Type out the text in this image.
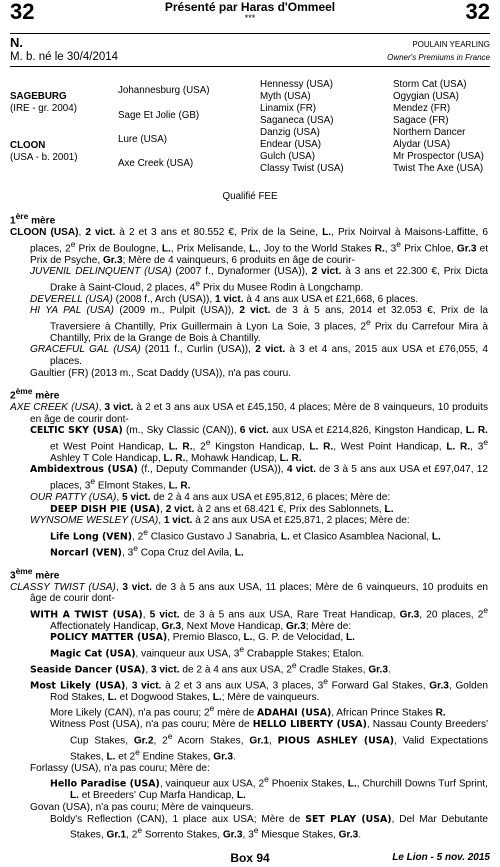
32	32
Présenté par Haras d'Ommeel
***
N.
M. b. né le 30/4/2014
POULAIN YEARLING
Owner's Premiums in France
SAGEBURG
(IRE - gr. 2004)
CLOON
(USA - b. 2001)
Johannesburg (USA)
Sage Et Jolie (GB)
Lure (USA)
Axe Creek (USA)
Hennessy (USA)
Myth (USA)
Linamix (FR)
Saganeca (USA)
Danzig (USA)
Endear (USA)
Gulch (USA)
Classy Twist (USA)
Storm Cat (USA)
Ogygian (USA)
Mendez (FR)
Sagace (FR)
Northern Dancer
Alydar (USA)
Mr Prospector (USA)
Twist The Axe (USA)
Qualifié FEE
1ère mère
CLOON (USA), 2 vict. à 2 et 3 ans et 80.552 €, Prix de la Seine, L., Prix Noirval à Maisons-Laffitte, 6 places, 2e Prix de Boulogne, L., Prix Melisande, L., Joy to the World Stakes R., 3e Prix Chloe, Gr.3 et Prix de Psyche, Gr.3; Mère de 4 vainqueurs, 6 produits en âge de courir-
JUVENIL DELINQUENT (USA) (2007 f., Dynaformer (USA)), 2 vict. à 3 ans et 22.300 €, Prix Dicta Drake à Saint-Cloud, 2 places, 4e Prix du Musee Rodin à Longchamp.
DEVERELL (USA) (2008 f., Arch (USA)), 1 vict. à 4 ans aux USA et £21,668, 6 places.
HI YA PAL (USA) (2009 m., Pulpit (USA)), 2 vict. de 3 à 5 ans, 2014 et 32.053 €, Prix de la Traversiere à Chantilly, Prix Guillermain à Lyon La Soie, 3 places, 2e Prix du Carrefour Mira à Chantilly, Prix de la Grange de Bois à Chantilly.
GRACEFUL GAL (USA) (2011 f., Curlin (USA)), 2 vict. à 3 et 4 ans, 2015 aux USA et £76,055, 4 places.
Gaultier (FR) (2013 m., Scat Daddy (USA)), n'a pas couru.
2ème mère
AXE CREEK (USA), 3 vict. à 2 et 3 ans aux USA et £45,150, 4 places; Mère de 8 vainqueurs, 10 produits en âge de courir dont-
CELTIC SKY (USA) (m., Sky Classic (CAN)), 6 vict. aux USA et £214,826, Kingston Handicap, L. R. et West Point Handicap, L. R., 2e Kingston Handicap, L. R., West Point Handicap, L. R., 3e Ashley T Cole Handicap, L. R., Mohawk Handicap, L. R.
Ambidextrous (USA) (f., Deputy Commander (USA)), 4 vict. de 3 à 5 ans aux USA et £97,047, 12 places, 3e Elmont Stakes, L. R.
OUR PATTY (USA), 5 vict. de 2 à 4 ans aux USA et £95,812, 6 places; Mère de:
DEEP DISH PIE (USA), 2 vict. à 2 ans et 68.421 €, Prix des Sablonnets, L.
WYNSOME WESLEY (USA), 1 vict. à 2 ans aux USA et £25,871, 2 places; Mère de:
Life Long (VEN), 2e Clasico Gustavo J Sanabria, L. et Clasico Asamblea Nacional, L.
Norcarl (VEN), 3e Copa Cruz del Avila, L.
3ème mère
CLASSY TWIST (USA), 3 vict. de 3 à 5 ans aux USA, 11 places; Mère de 6 vainqueurs, 10 produits en âge de courir dont-
WITH A TWIST (USA), 5 vict. de 3 à 5 ans aux USA, Rare Treat Handicap, Gr.3, 20 places, 2e Affectionately Handicap, Gr.3, Next Move Handicap, Gr.3; Mère de:
POLICY MATTER (USA), Premio Blasco, L., G. P. de Velocidad, L.
Magic Cat (USA), vainqueur aux USA, 3e Crabapple Stakes; Etalon.
Seaside Dancer (USA), 3 vict. de 2 à 4 ans aux USA, 2e Cradle Stakes, Gr.3.
Most Likely (USA), 3 vict. à 2 et 3 ans aux USA, 3 places, 3e Forward Gal Stakes, Gr.3, Golden Rod Stakes, L. et Dogwood Stakes, L.; Mère de vainqueurs.
More Likely (CAN), n'a pas couru; 2e mère de ADAHAI (USA), African Prince Stakes R.
Witness Post (USA), n'a pas couru; Mère de HELLO LIBERTY (USA), Nassau County Breeders' Cup Stakes, Gr.2, 2e Acorn Stakes, Gr.1, PIOUS ASHLEY (USA), Valid Expectations Stakes, L. et 2e Endine Stakes, Gr.3.
Forlassy (USA), n'a pas couru; Mère de:
Hello Paradise (USA), vainqueur aux USA, 2e Phoenix Stakes, L., Churchill Downs Turf Sprint, L. et Breeders' Cup Marfa Handicap, L.
Govan (USA), n'a pas couru; Mère de vainqueurs.
Boldy's Reflection (CAN), 1 place aux USA; Mère de SET PLAY (USA), Del Mar Debutante Stakes, Gr.1, 2e Sorrento Stakes, Gr.3, 3e Miesque Stakes, Gr.3.
Box 94	Le Lion - 5 nov. 2015
